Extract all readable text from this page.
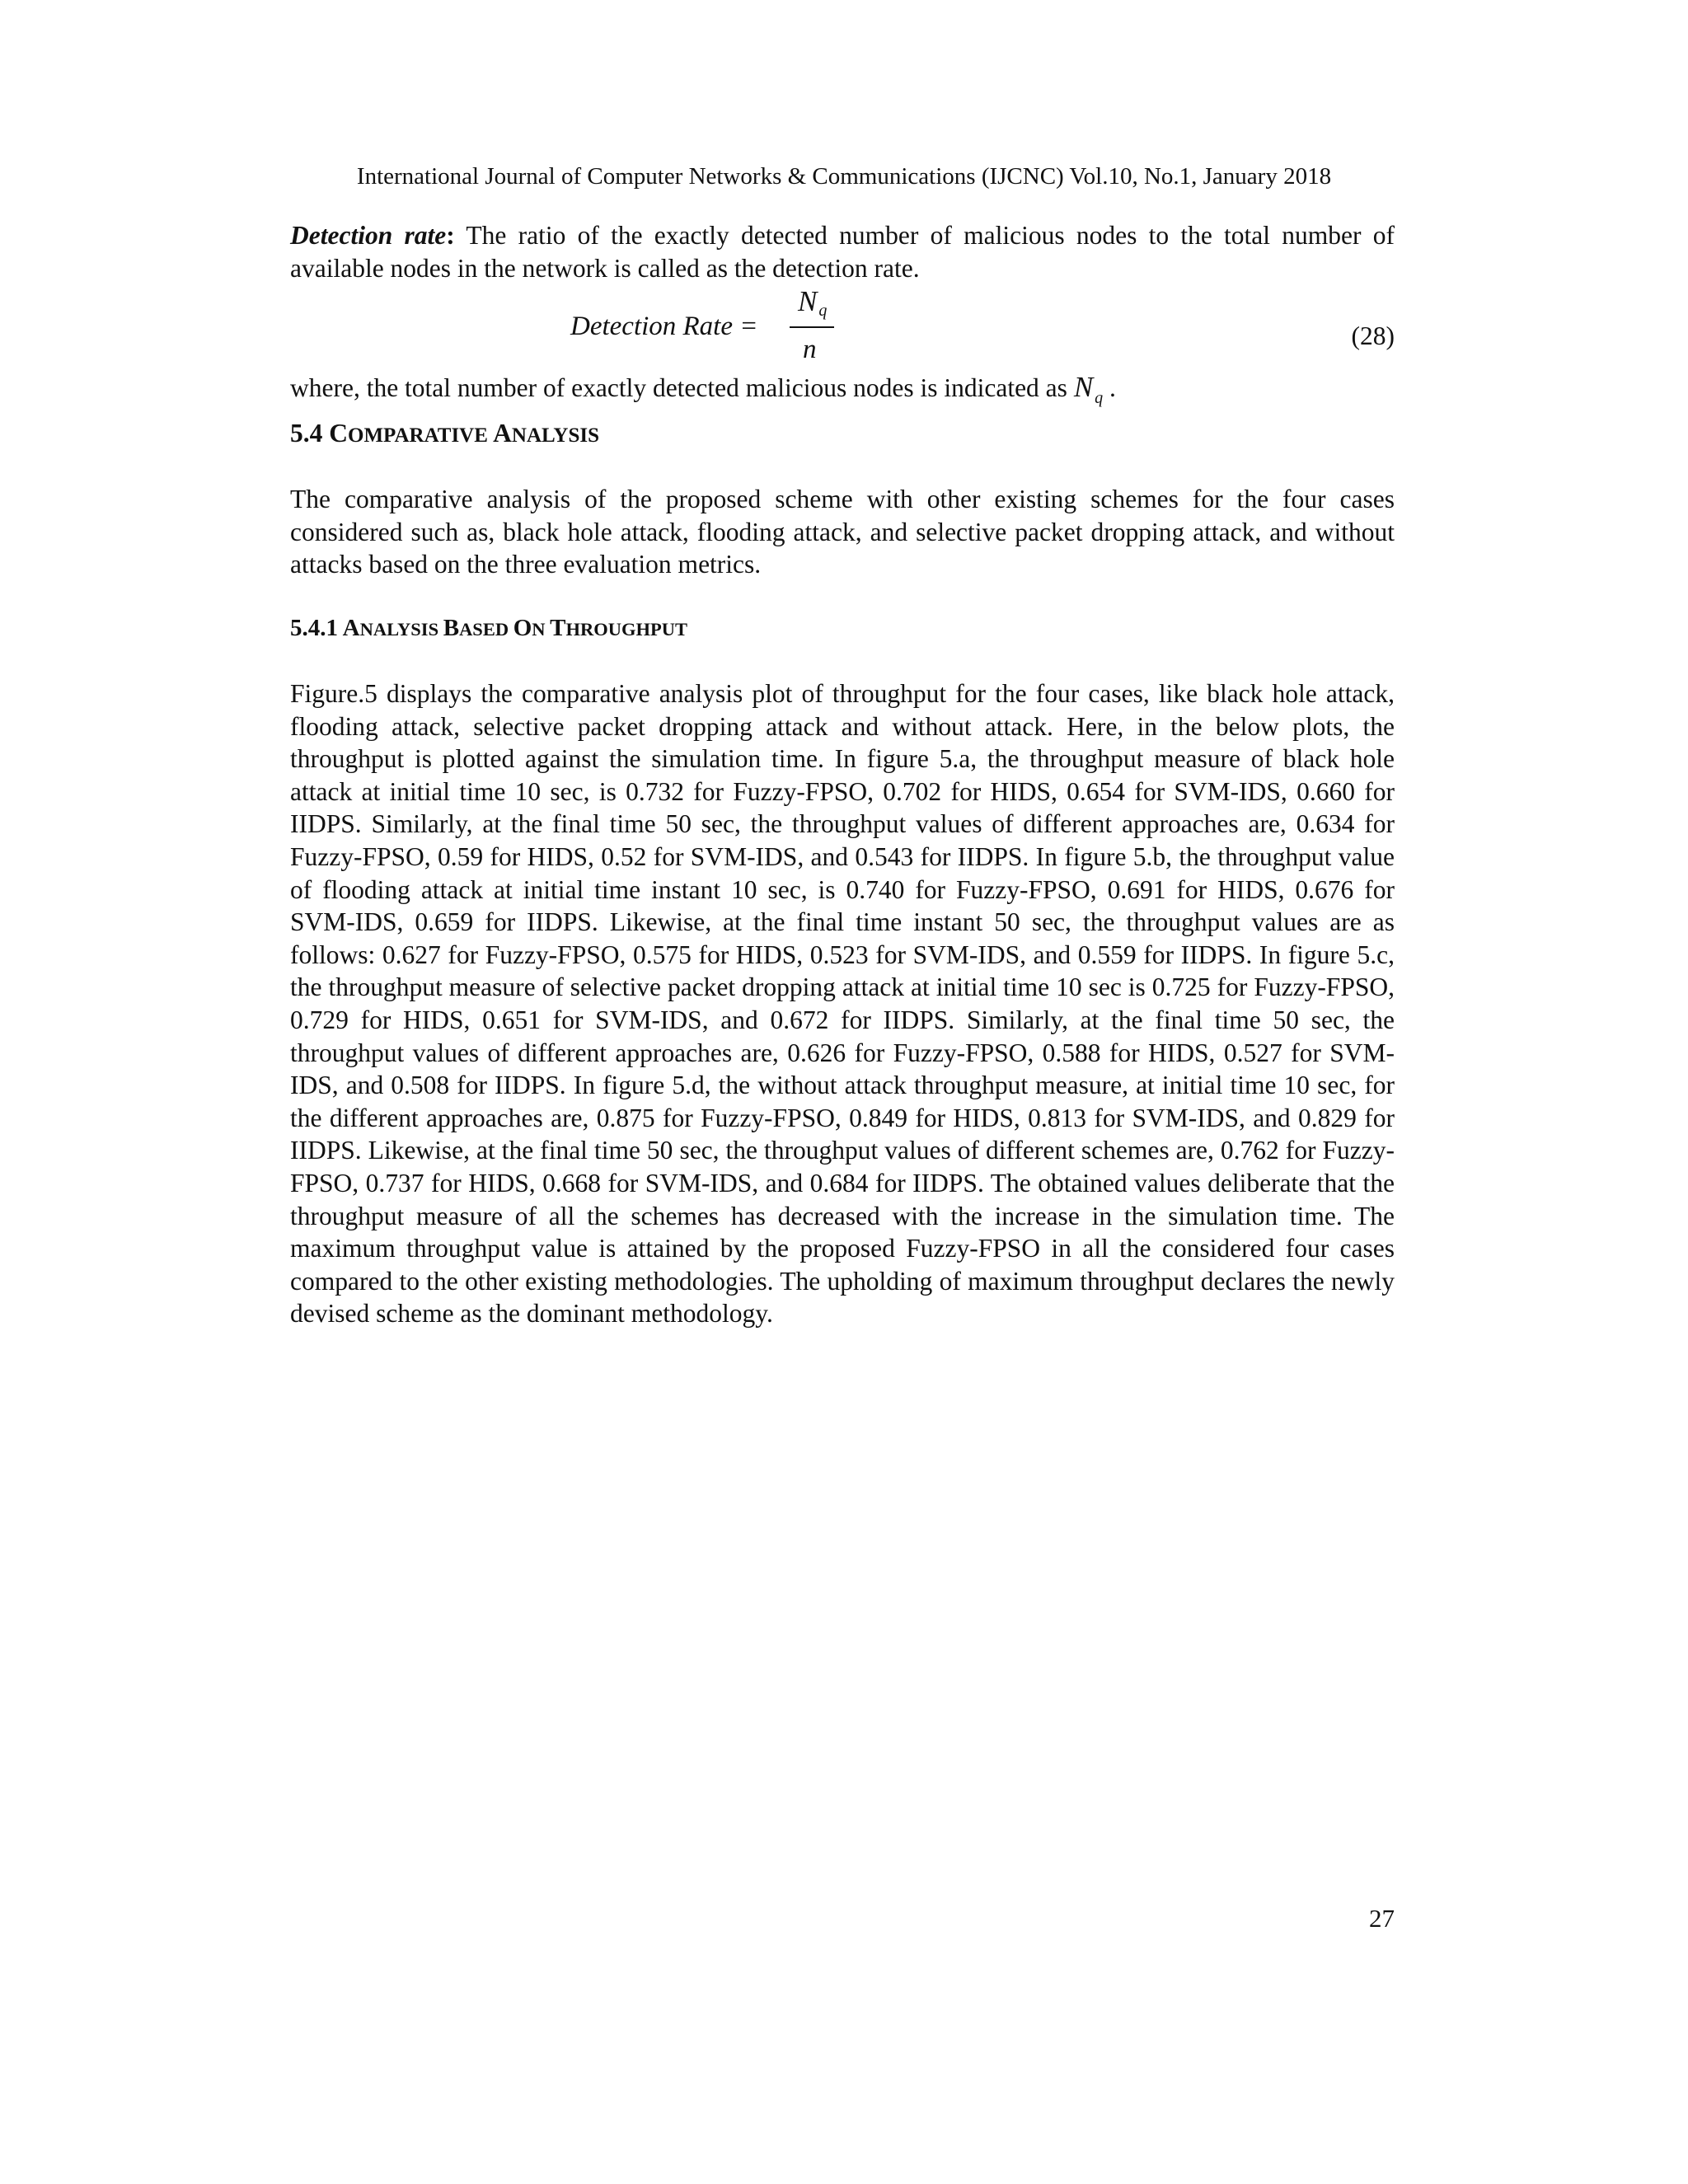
International Journal of Computer Networks & Communications (IJCNC) Vol.10, No.1, January 2018

Detection rate: The ratio of the exactly detected number of malicious nodes to the total number of available nodes in the network is called as the detection rate.

Detection Rate =
N $_q$
n	(28)

where, the total number of exactly detected malicious nodes is indicated as N $_q$ .

5.4 COMPARATIVE ANALYSIS

The comparative analysis of the proposed scheme with other existing schemes for the four cases considered such as, black hole attack, flooding attack, and selective packet dropping attack, and without attacks based on the three evaluation metrics.

5.4.1 ANALYSIS BASED ON THROUGHPUT

Figure.5 displays the comparative analysis plot of throughput for the four cases, like black hole attack, flooding attack, selective packet dropping attack and without attack. Here, in the below plots, the throughput is plotted against the simulation time. In figure 5.a, the throughput measure of black hole attack at initial time 10 sec, is 0.732 for Fuzzy-FPSO, 0.702 for HIDS, 0.654 for SVM-IDS, 0.660 for IIDPS. Similarly, at the final time 50 sec, the throughput values of different approaches are, 0.634 for Fuzzy-FPSO, 0.59 for HIDS, 0.52 for SVM-IDS, and 0.543 for IIDPS. In figure 5.b, the throughput value of flooding attack at initial time instant 10 sec, is 0.740 for Fuzzy-FPSO, 0.691 for HIDS, 0.676 for SVM-IDS, 0.659 for IIDPS. Likewise, at the final time instant 50 sec, the throughput values are as follows: 0.627 for Fuzzy-FPSO, 0.575 for HIDS, 0.523 for SVM-IDS, and 0.559 for IIDPS. In figure 5.c, the throughput measure of selective packet dropping attack at initial time 10 sec is 0.725 for Fuzzy-FPSO, 0.729 for HIDS, 0.651 for SVM-IDS, and 0.672 for IIDPS. Similarly, at the final time 50 sec, the throughput values of different approaches are, 0.626 for Fuzzy-FPSO, 0.588 for HIDS, 0.527 for SVM-IDS, and 0.508 for IIDPS. In figure 5.d, the without attack throughput measure, at initial time 10 sec, for the different approaches are, 0.875 for Fuzzy-FPSO, 0.849 for HIDS, 0.813 for SVM-IDS, and 0.829 for IIDPS. Likewise, at the final time 50 sec, the throughput values of different schemes are, 0.762 for Fuzzy-FPSO, 0.737 for HIDS, 0.668 for SVM-IDS, and 0.684 for IIDPS. The obtained values deliberate that the throughput measure of all the schemes has decreased with the increase in the simulation time. The maximum throughput value is attained by the proposed Fuzzy-FPSO in all the considered four cases compared to the other existing methodologies. The upholding of maximum throughput declares the newly devised scheme as the dominant methodology.

27
